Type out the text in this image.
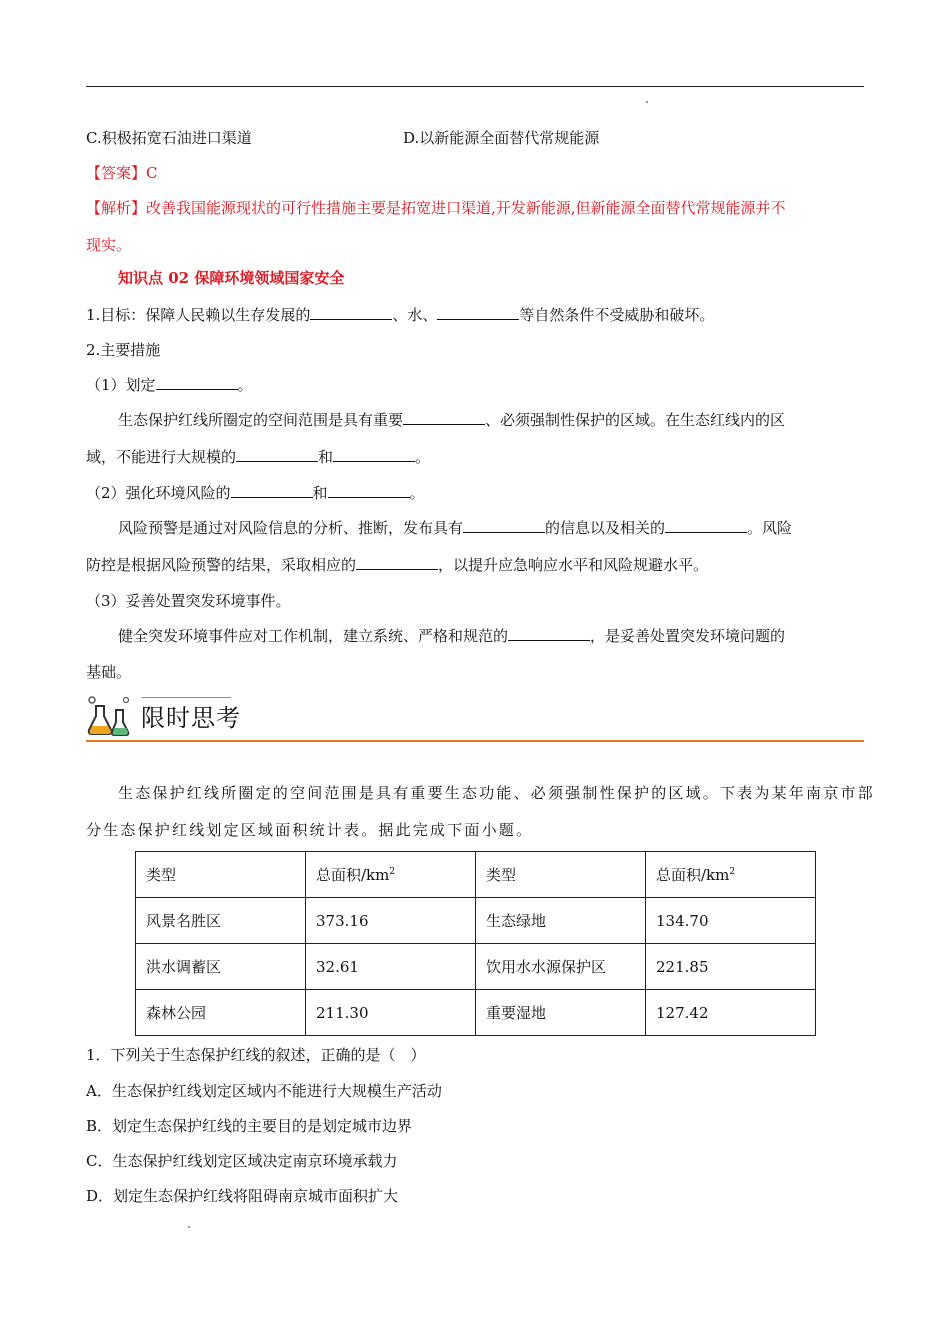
C.积极拓宽石油进口渠道	D.以新能源全面替代常规能源
【答案】C
【解析】改善我国能源现状的可行性措施主要是拓宽进口渠道,开发新能源,但新能源全面替代常规能源并不
现实。
知识点 02 保障环境领域国家安全
1.目标：保障人民赖以生存发展的	、水、	等自然条件不受威胁和破坏。
2.主要措施
（1）划定	。
生态保护红线所圈定的空间范围是具有重要	、必须强制性保护的区域。在生态红线内的区
域，不能进行大规模的	和	。
（2）强化环境风险的	和	。
风险预警是通过对风险信息的分析、推断，发布具有	的信息以及相关的	。风险
防控是根据风险预警的结果，采取相应的	，以提升应急响应水平和风险规避水平。
（3）妥善处置突发环境事件。
健全突发环境事件应对工作机制，建立系统、严格和规范的	，是妥善处置突发环境问题的
基础。
限时思考
生态保护红线所圈定的空间范围是具有重要生态功能、必须强制性保护的区域。下表为某年南京市部
分生态保护红线划定区域面积统计表。据此完成下面小题。
类型	总面积$/km^2$	类型	总面积$/km^2$
风景名胜区	373.16	生态绿地	134.70
洪水调蓄区	32.61	饮用水水源保护区	221.85
森林公园	211.30	重要湿地	127.42
1．下列关于生态保护红线的叙述，正确的是（　）
A．生态保护红线划定区域内不能进行大规模生产活动
B．划定生态保护红线的主要目的是划定城市边界
C．生态保护红线划定区域决定南京环境承载力
D．划定生态保护红线将阻碍南京城市面积扩大
